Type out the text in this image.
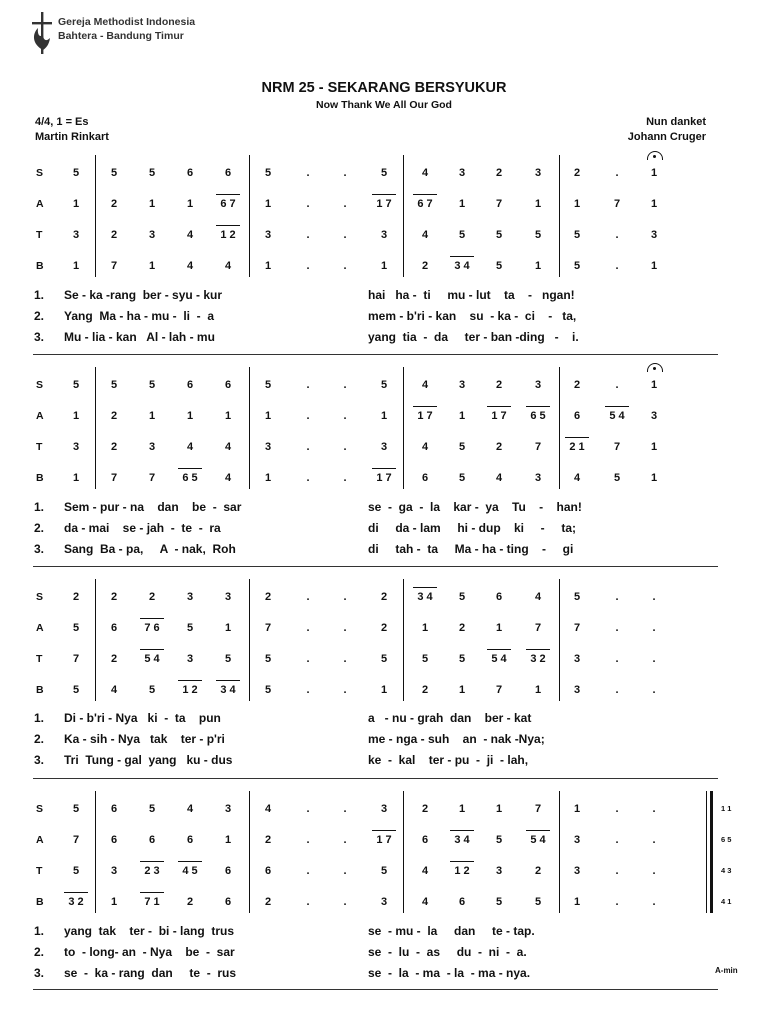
Gereja Methodist Indonesia
Bahtera - Bandung Timur
NRM 25 - SEKARANG BERSYUKUR
Now Thank We All Our God
4/4, 1 = Es
Martin Rinkart
Nun danket
Johann Cruger
S	5	5	5	6	6	5	.	.	5	4	3	2	3	2	.	1
A	1	2	1	1	6 7	1	.	.	1 7	6 7	1	7	1	1	7	1
T	3	2	3	4	1 2	3	.	.	3	4	5	5	5	5	.	3
B	1	7	1	4	4	1	.	.	1	2	3 4	5	1	5	.	1
1. Se - ka -rang  ber - syu - kur	hai   ha -  ti     mu - lut    ta    -   ngan!
2. Yang  Ma - ha - mu -  li  -  a	mem - b'ri - kan    su  - ka -  ci    -   ta,
3. Mu - lia - kan   Al - lah - mu	yang  tia  -  da     ter - ban -ding   -    i.
S	5	5	5	6	6	5	.	.	5	4	3	2	3	2	.	1
A	1	2	1	1	1	1	.	.	1	1 7	1	1 7	6 5	6	5 4	3
T	3	2	3	4	4	3	.	.	3	4	5	2	7	2 1	7	1
B	1	7	7	6 5	4	1	.	.	1 7	6	5	4	3	4	5	1
1. Sem - pur - na    dan    be  -  sar	se  -  ga  -  la    kar -  ya    Tu    -    han!
2. da - mai    se - jah  -  te  -  ra	di     da - lam     hi - dup    ki     -     ta;
3. Sang  Ba - pa,     A  - nak,  Roh	di     tah -  ta     Ma - ha - ting    -     gi
S	2	2	2	3	3	2	.	.	2	3 4	5	6	4	5	.	.
A	5	6	7 6	5	1	7	.	.	2	1	2	1	7	7	.	.
T	7	2	5 4	3	5	5	.	.	5	5	5	5 4	3 2	3	.	.
B	5	4	5	1 2	3 4	5	.	.	1	2	1	7	1	3	.	.
1. Di - b'ri - Nya   ki  -  ta    pun	a   - nu - grah  dan    ber - kat
2. Ka - sih - Nya   tak    ter - p'ri	me - nga - suh    an  - nak -Nya;
3. Tri  Tung - gal  yang   ku - dus	ke  -  kal    ter - pu  -  ji  - lah,
S	5	6	5	4	3	4	.	.	3	2	1	1	7	1	.	.	1 1
A	7	6	6	6	1	2	.	.	1 7	6	3 4	5	5 4	3	.	.	6 5
T	5	3	2 3	4 5	6	6	.	.	5	4	1 2	3	2	3	.	.	4 3
B	3 2	1	7 1	2	6	2	.	.	3	4	6	5	5	1	.	.	4 1
1. yang  tak    ter -  bi - lang  trus	se  - mu -  la     dan     te - tap.
2. to  - long- an  - Nya    be  -  sar	se  -  lu  -  as     du  -  ni  -  a.
3. se  -  ka - rang  dan     te  -  rus	se  -  la  - ma  - la  - ma - nya.	A-min
